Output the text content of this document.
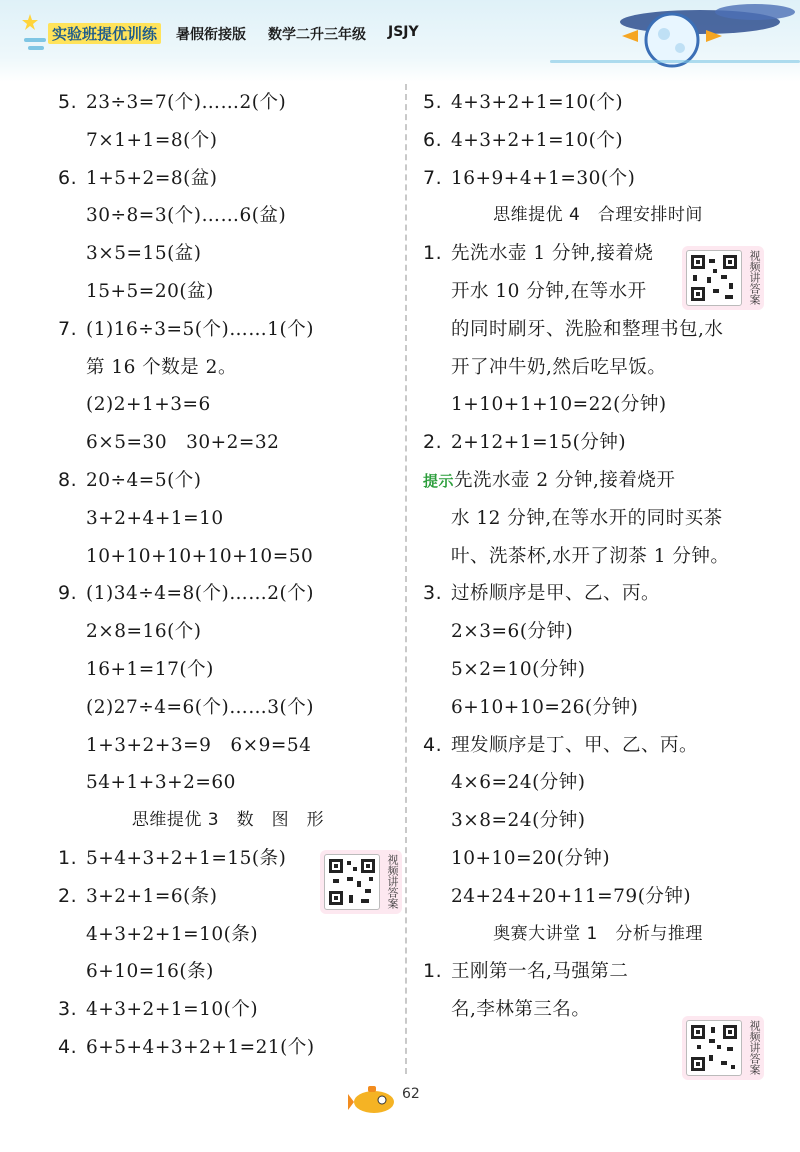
实验班提优训练 暑假衔接版 数学二升三年级 JSJY
5. 23÷3=7(个)……2(个)
7×1+1=8(个)
6. 1+5+2=8(盆)
30÷8=3(个)……6(盆)
3×5=15(盆)
15+5=20(盆)
7. (1)16÷3=5(个)……1(个)
第 16 个数是 2。
(2)2+1+3=6
6×5=30　30+2=32
8. 20÷4=5(个)
3+2+4+1=10
10+10+10+10+10=50
9. (1)34÷4=8(个)……2(个)
2×8=16(个)
16+1=17(个)
(2)27÷4=6(个)……3(个)
1+3+2+3=9　6×9=54
54+1+3+2=60
思维提优 3　数　图　形
1. 5+4+3+2+1=15(条)
2. 3+2+1=6(条)
4+3+2+1=10(条)
6+10=16(条)
3. 4+3+2+1=10(个)
4. 6+5+4+3+2+1=21(个)
5. 4+3+2+1=10(个)
6. 4+3+2+1=10(个)
7. 16+9+4+1=30(个)
思维提优 4　合理安排时间
1. 先洗水壶 1 分钟,接着烧
开水 10 分钟,在等水开
的同时刷牙、洗脸和整理书包,水
开了冲牛奶,然后吃早饭。
1+10+1+10=22(分钟)
2. 2+12+1=15(分钟)
提示先洗水壶 2 分钟,接着烧开
水 12 分钟,在等水开的同时买茶
叶、洗茶杯,水开了沏茶 1 分钟。
3. 过桥顺序是甲、乙、丙。
2×3=6(分钟)
5×2=10(分钟)
6+10+10=26(分钟)
4. 理发顺序是丁、甲、乙、丙。
4×6=24(分钟)
3×8=24(分钟)
10+10=20(分钟)
24+24+20+11=79(分钟)
奥赛大讲堂 1　分析与推理
1. 王刚第一名,马强第二
名,李林第三名。
视频讲答案
视频讲答案
视频讲答案
62
